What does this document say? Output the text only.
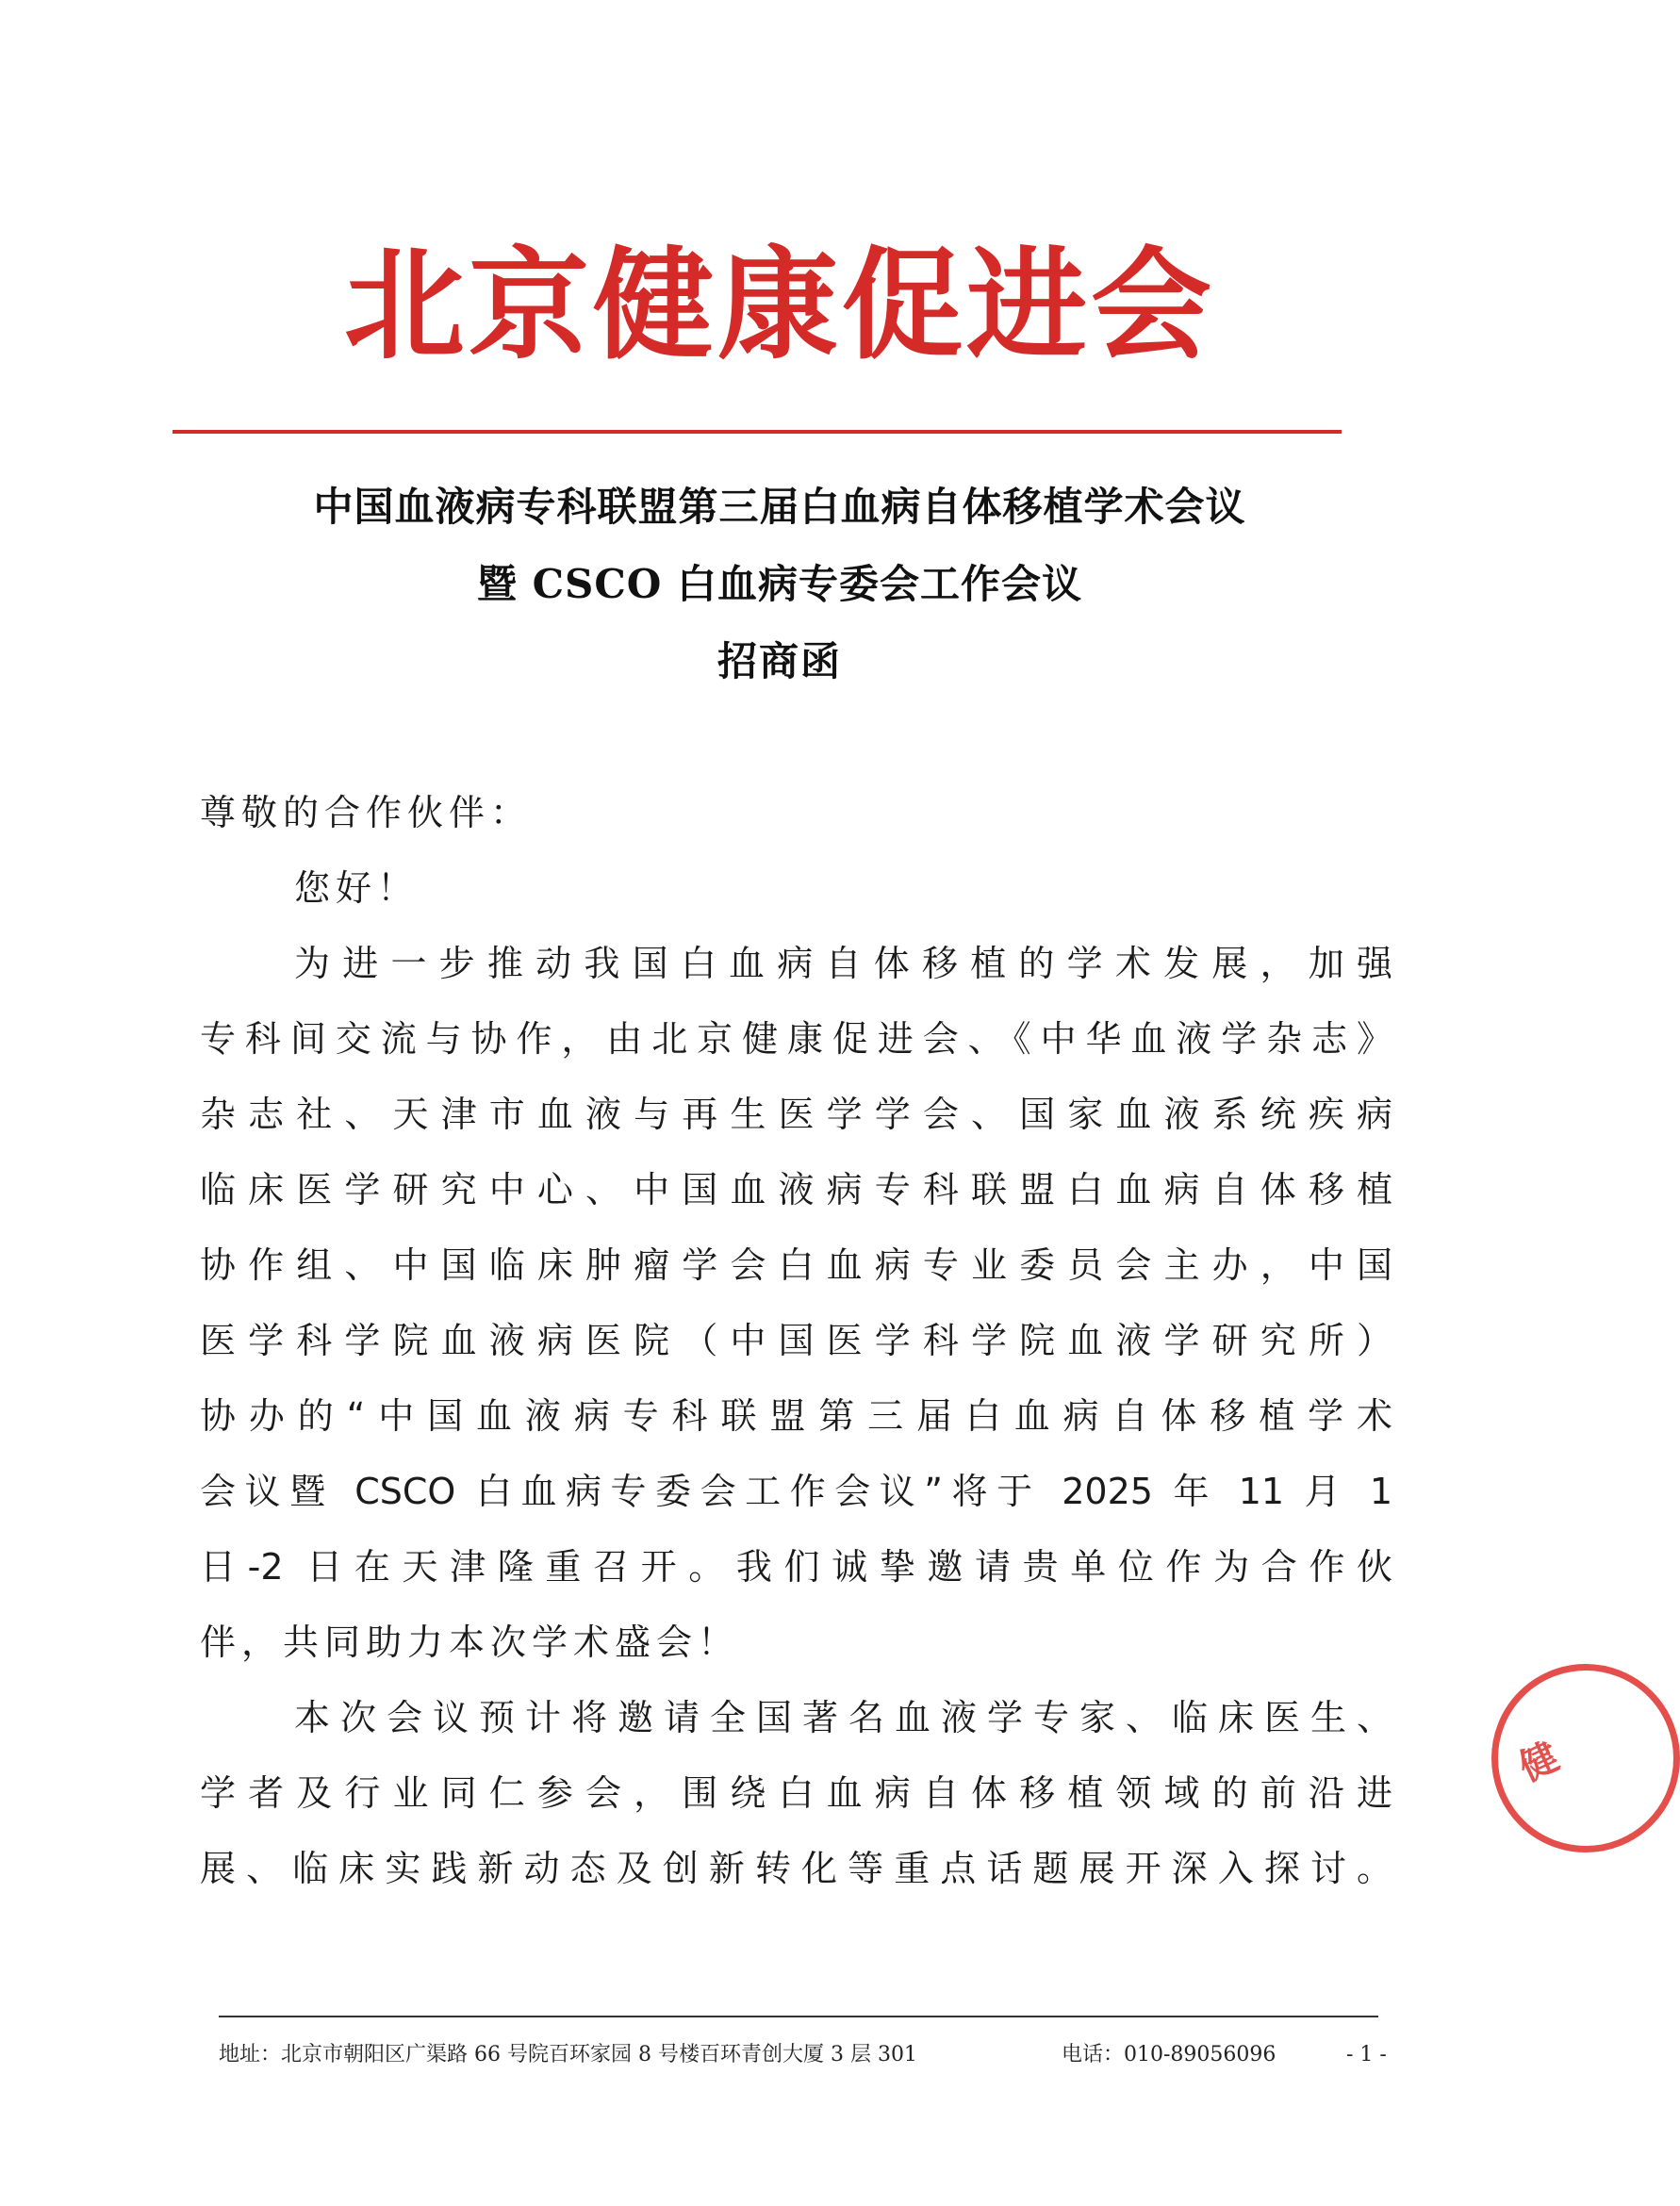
北京健康促进会
中国血液病专科联盟第三届白血病自体移植学术会议
暨 CSCO 白血病专委会工作会议
招商函
尊敬的合作伙伴：
您好！
为进一步推动我国白血病自体移植的学术发展，加强
专科间交流与协作，由北京健康促进会、《中华血液学杂志》
杂志社、天津市血液与再生医学学会、国家血液系统疾病
临床医学研究中心、中国血液病专科联盟白血病自体移植
协作组、中国临床肿瘤学会白血病专业委员会主办，中国
医学科学院血液病医院（中国医学科学院血液学研究所）
协办的“中国血液病专科联盟第三届白血病自体移植学术
会议暨 CSCO 白血病专委会工作会议”将于 2025 年 11 月 1
日-2 日在天津隆重召开。我们诚挚邀请贵单位作为合作伙
伴，共同助力本次学术盛会！
本次会议预计将邀请全国著名血液学专家、临床医生、
学者及行业同仁参会，围绕白血病自体移植领域的前沿进
展、临床实践新动态及创新转化等重点话题展开深入探讨。
地址：北京市朝阳区广渠路 66 号院百环家园 8 号楼百环青创大厦 3 层 301	电话：010-89056096	- 1 -
健
